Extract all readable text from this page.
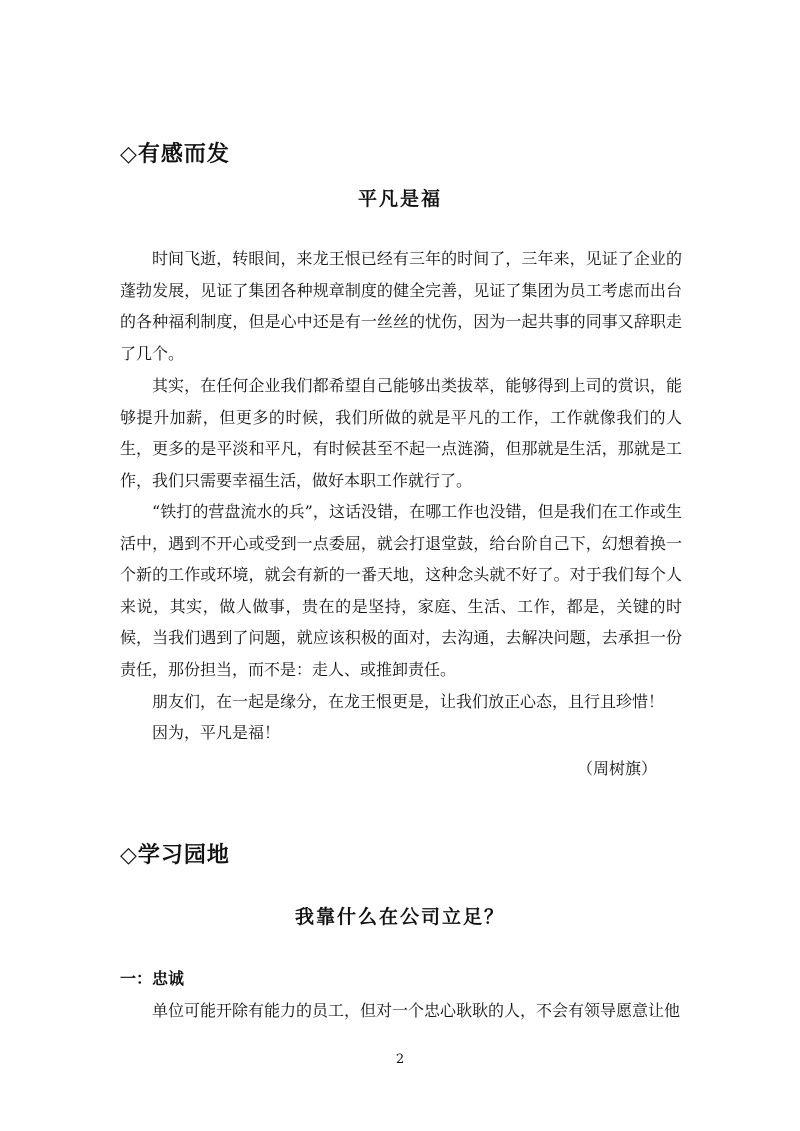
◇有感而发
平凡是福

时间飞逝，转眼间，来龙王恨已经有三年的时间了，三年来，见证了企业的蓬勃发展，见证了集团各种规章制度的健全完善，见证了集团为员工考虑而出台的各种福利制度，但是心中还是有一丝丝的忧伤，因为一起共事的同事又辞职走了几个。

其实，在任何企业我们都希望自己能够出类拔萃，能够得到上司的赏识，能够提升加薪，但更多的时候，我们所做的就是平凡的工作，工作就像我们的人生，更多的是平淡和平凡，有时候甚至不起一点涟漪，但那就是生活，那就是工作，我们只需要幸福生活，做好本职工作就行了。

“铁打的营盘流水的兵”，这话没错，在哪工作也没错，但是我们在工作或生活中，遇到不开心或受到一点委屈，就会打退堂鼓，给台阶自己下，幻想着换一个新的工作或环境，就会有新的一番天地，这种念头就不好了。对于我们每个人来说，其实，做人做事，贵在的是坚持，家庭、生活、工作，都是，关键的时候，当我们遇到了问题，就应该积极的面对，去沟通，去解决问题，去承担一份责任，那份担当，而不是：走人、或推卸责任。

朋友们，在一起是缘分，在龙王恨更是，让我们放正心态，且行且珍惜！

因为，平凡是福！

（周树旗）
◇学习园地
我靠什么在公司立足？
一：忠诚

单位可能开除有能力的员工，但对一个忠心耿耿的人，不会有领导愿意让他

2
